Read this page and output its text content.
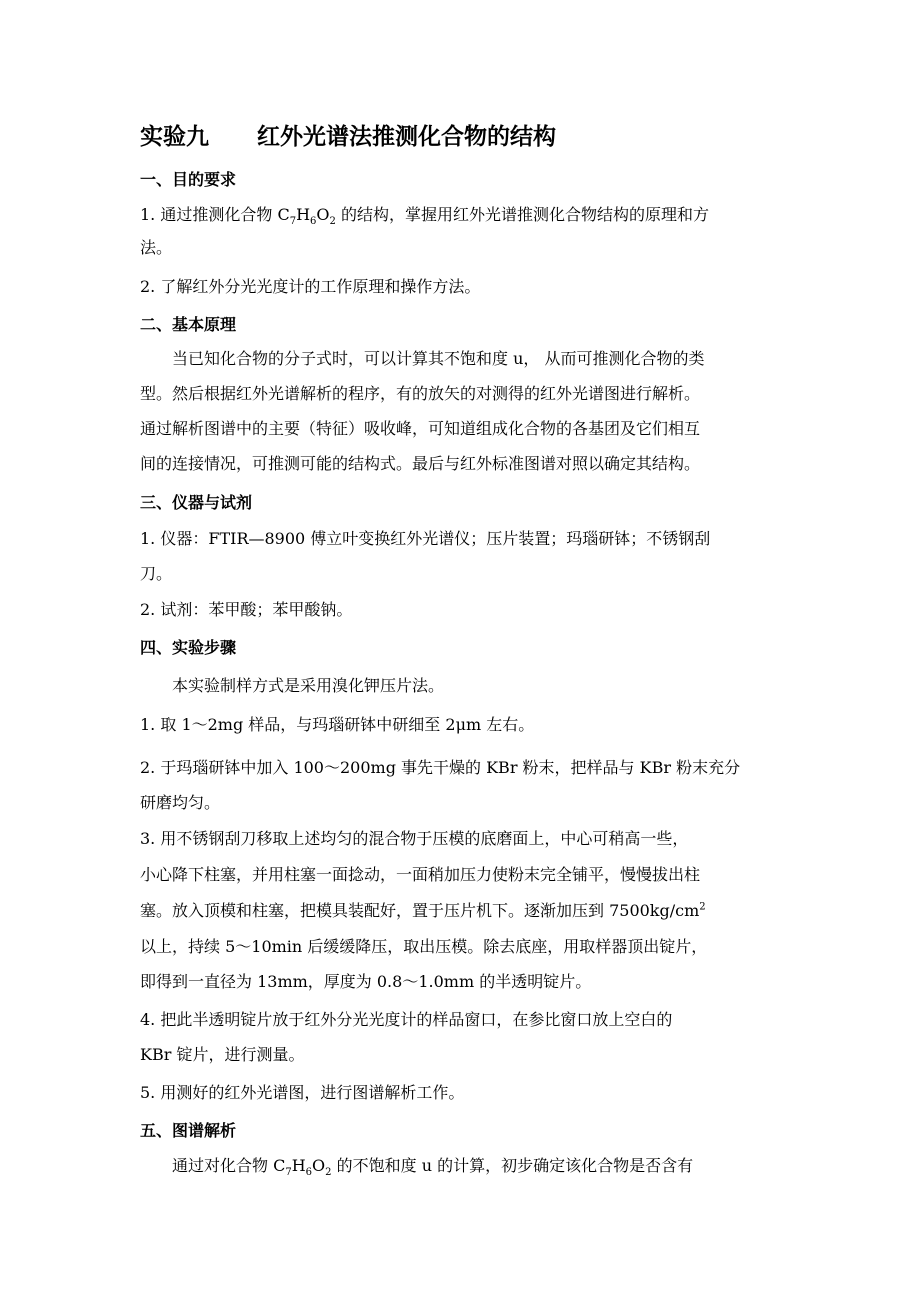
实验九 红外光谱法推测化合物的结构
一、目的要求
1. 通过推测化合物 $C_7H_6O_2$ 的结构，掌握用红外光谱推测化合物结构的原理和方
法。
2. 了解红外分光光度计的工作原理和操作方法。
二、基本原理
当已知化合物的分子式时，可以计算其不饱和度 u， 从而可推测化合物的类
型。然后根据红外光谱解析的程序，有的放矢的对测得的红外光谱图进行解析。
通过解析图谱中的主要（特征）吸收峰，可知道组成化合物的各基团及它们相互
间的连接情况，可推测可能的结构式。最后与红外标准图谱对照以确定其结构。
三、仪器与试剂
1. 仪器：FTIR—8900 傅立叶变换红外光谱仪；压片装置；玛瑙研钵；不锈钢刮
刀。
2. 试剂：苯甲酸；苯甲酸钠。
四、实验步骤
本实验制样方式是采用溴化钾压片法。
1. 取 1～2mg 样品，与玛瑙研钵中研细至 2μm 左右。
2. 于玛瑙研钵中加入 100～200mg 事先干燥的 KBr 粉末，把样品与 KBr 粉末充分
研磨均匀。
3. 用不锈钢刮刀移取上述均匀的混合物于压模的底磨面上，中心可稍高一些，
小心降下柱塞，并用柱塞一面捻动，一面稍加压力使粉末完全铺平，慢慢拔出柱
塞。放入顶模和柱塞，把模具装配好，置于压片机下。逐渐加压到 $7500kg/cm^2$
以上，持续 5～10min 后缓缓降压，取出压模。除去底座，用取样器顶出锭片，
即得到一直径为 13mm，厚度为 0.8～1.0mm 的半透明锭片。
4. 把此半透明锭片放于红外分光光度计的样品窗口，在参比窗口放上空白的
KBr 锭片，进行测量。
5. 用测好的红外光谱图，进行图谱解析工作。
五、图谱解析
通过对化合物 $C_7H_6O_2$ 的不饱和度 u 的计算，初步确定该化合物是否含有
